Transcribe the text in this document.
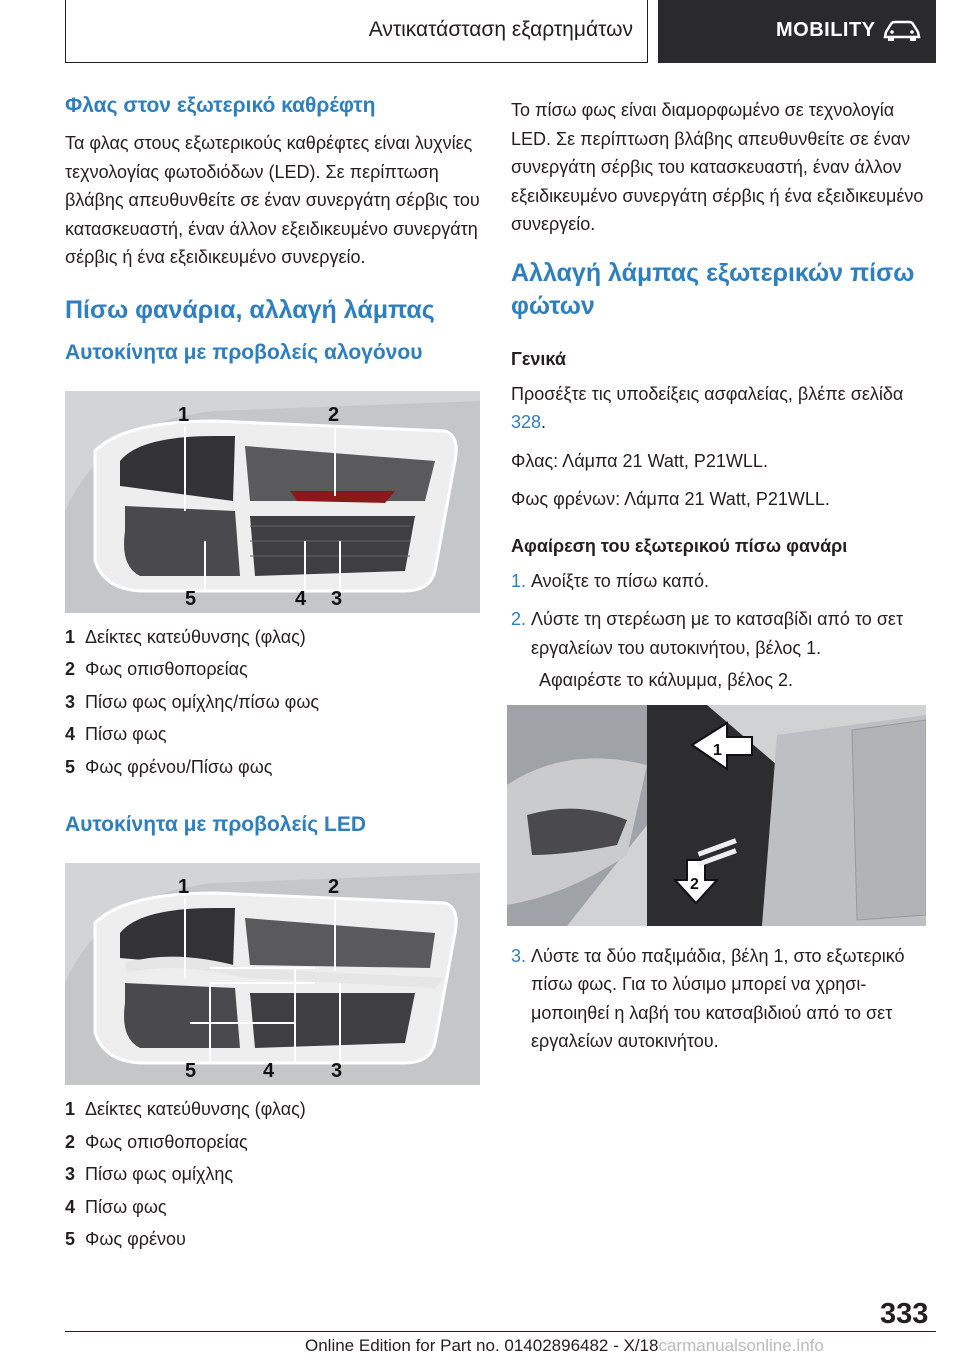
Αντικατάσταση εξαρτημάτων	MOBILITY
Φλας στον εξωτερικό καθρέφτη

Τα φλας στους εξωτερικούς καθρέφτες είναι λυχνίες τεχνολογίας φωτοδιόδων (LED). Σε περίπτωση βλάβης απευθυνθείτε σε έναν συνεργάτη σέρβις του κατασκευαστή, έναν άλλον εξειδικευμένο συνεργάτη σέρβις ή ένα εξειδικευμένο συνεργείο.

Πίσω φανάρια, αλλαγή λάμπας
Αυτοκίνητα με προβολείς αλογόνου
1	2
5	4 3
1 Δείκτες κατεύθυνσης (φλας)
2 Φως οπισθοπορείας
3 Πίσω φως ομίχλης/πίσω φως
4 Πίσω φως
5 Φως φρένου/Πίσω φως
Αυτοκίνητα με προβολείς LED
1	2
5	4	3
1 Δείκτες κατεύθυνσης (φλας)
2 Φως οπισθοπορείας
3 Πίσω φως ομίχλης
4 Πίσω φως
5 Φως φρένου

Το πίσω φως είναι διαμορφωμένο σε τεχνολογία LED. Σε περίπτωση βλάβης απευθυνθείτε σε έναν συνεργάτη σέρβις του κατασκευαστή, έναν άλλον εξειδικευμένο συνεργάτη σέρβις ή ένα εξειδικευμένο συνεργείο.

Αλλαγή λάμπας εξωτερικών πίσω φώτων
Γενικά

Προσέξτε τις υποδείξεις ασφαλείας, βλέπε σελίδα 328.

Φλας: Λάμπα 21 Watt, P21WLL.

Φως φρένων: Λάμπα 21 Watt, P21WLL.

Αφαίρεση του εξωτερικού πίσω φανάρι
1. Ανοίξτε το πίσω καπό.
2. Λύστε τη στερέωση με το κατσαβίδι από το σετ εργαλείων του αυτοκινήτου, βέλος 1.

Αφαιρέστε το κάλυμμα, βέλος 2.

1
2
3. Λύστε τα δύο παξιμάδια, βέλη 1, στο εξωτερικό πίσω φως. Για το λύσιμο μπορεί να χρησιμοποιηθεί η λαβή του κατσαβιδιού από το σετ εργαλείων αυτοκινήτου.
333
Online Edition for Part no. 01402896482 - X/18carmanualsonline.info
